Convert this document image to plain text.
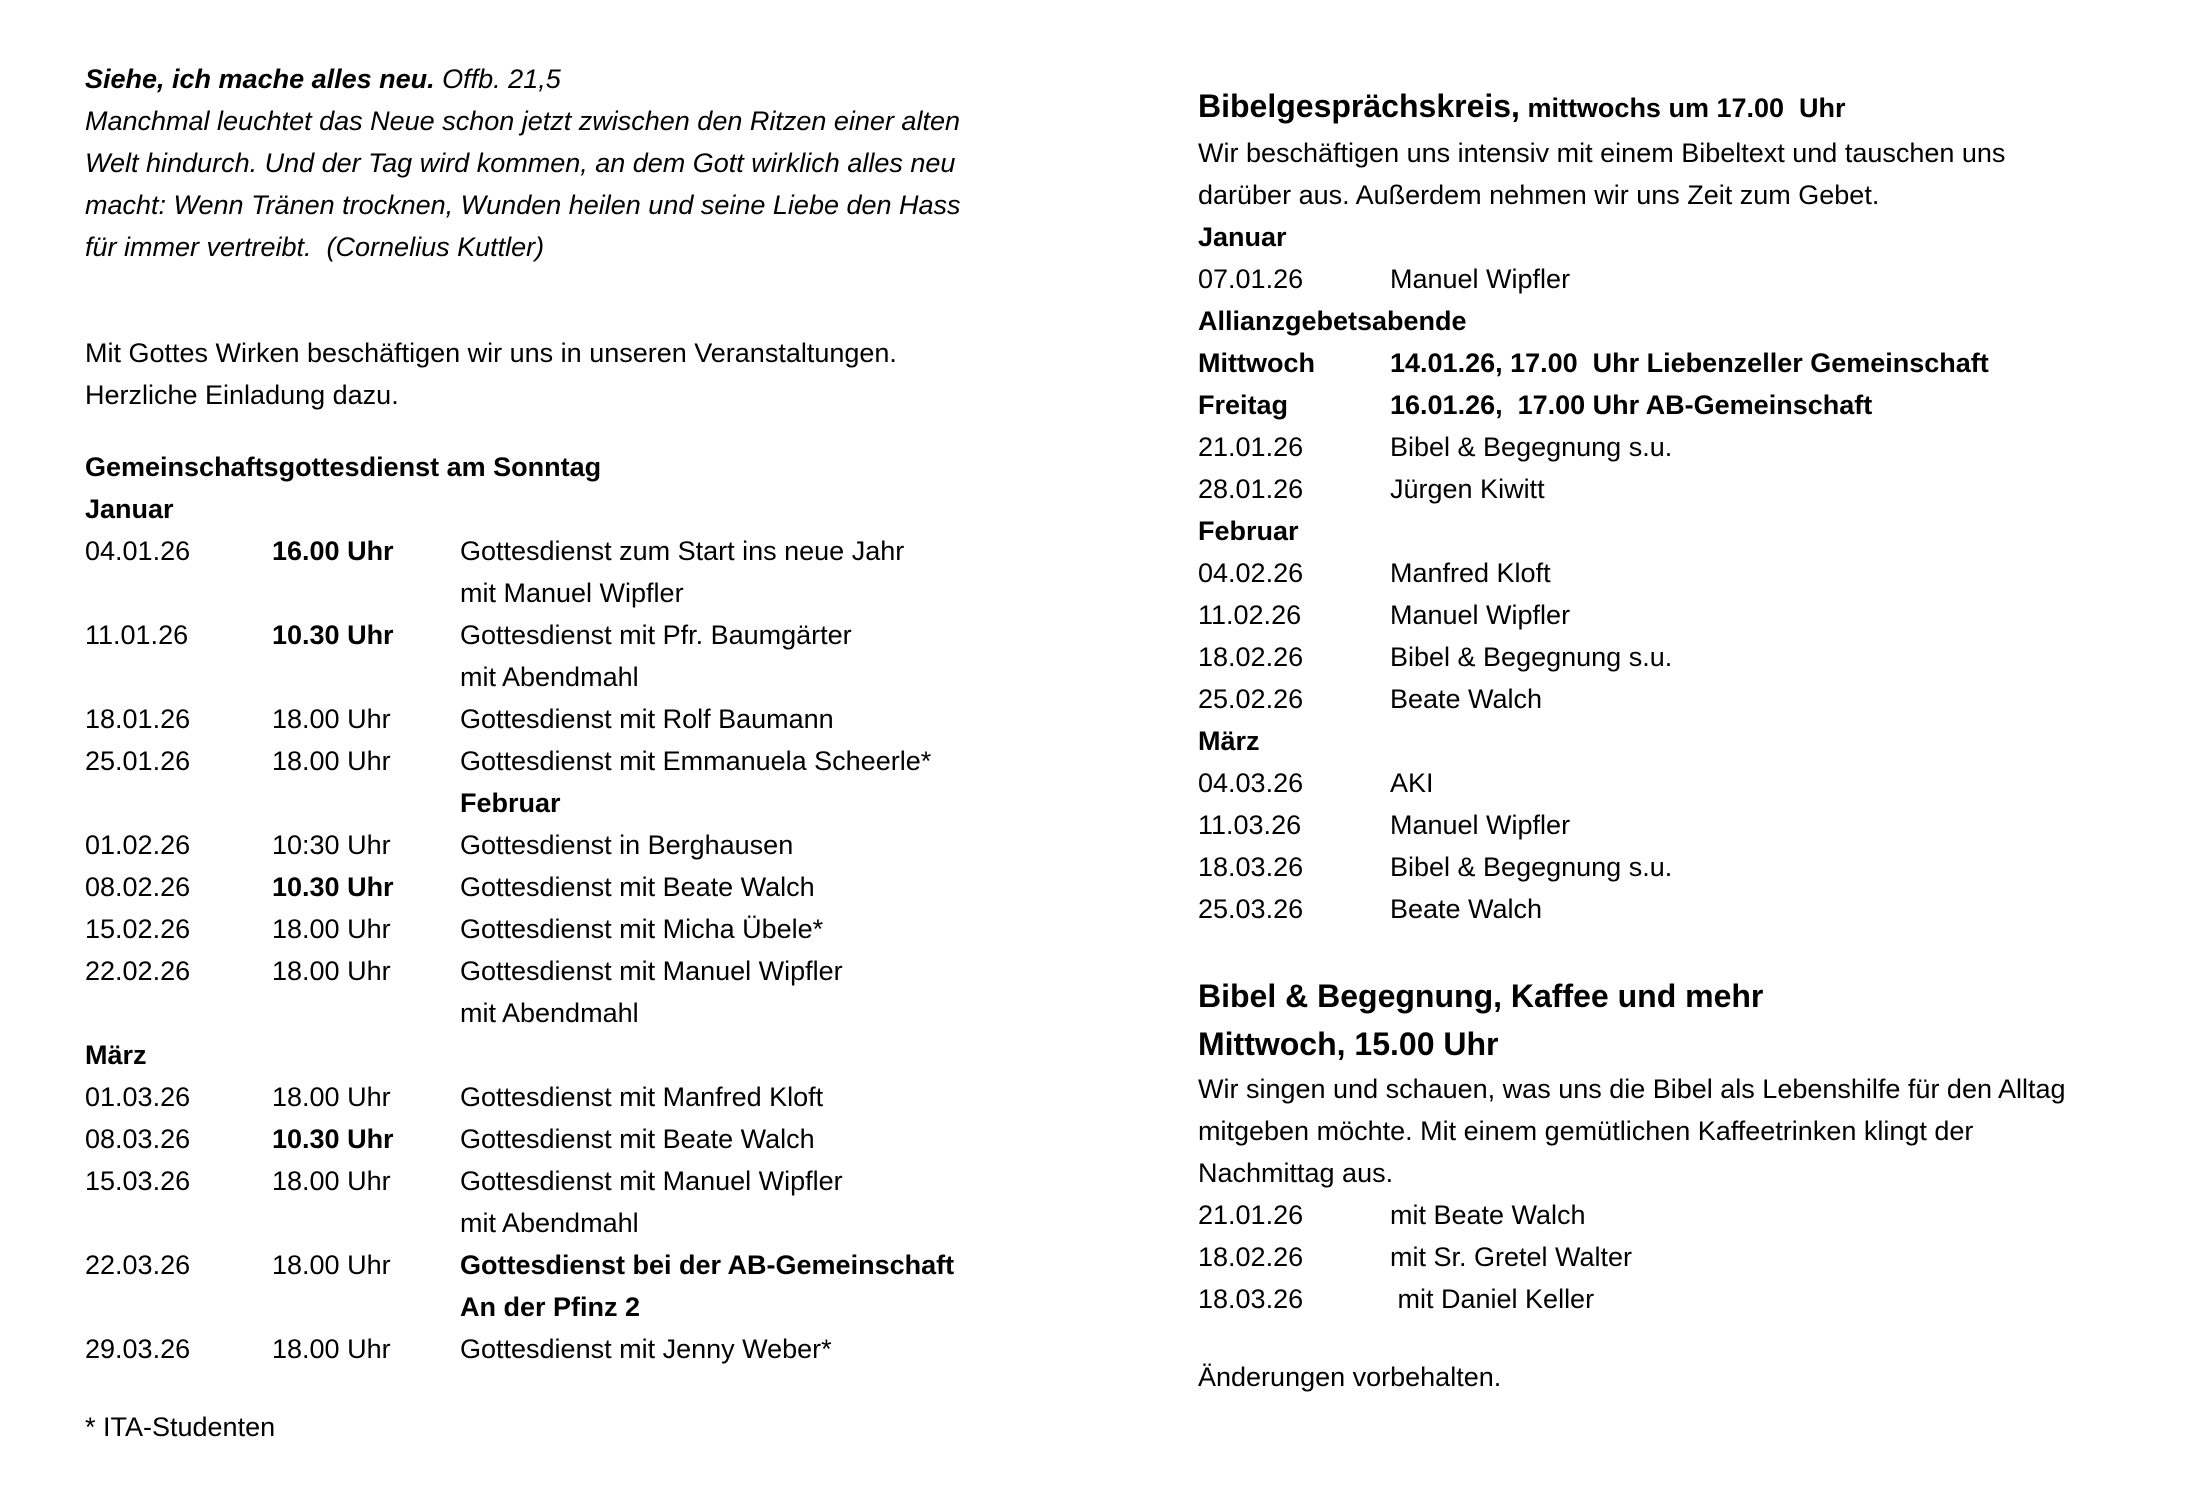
Siehe, ich mache alles neu. Offb. 21,5
Manchmal leuchtet das Neue schon jetzt zwischen den Ritzen einer alten
Welt hindurch. Und der Tag wird kommen, an dem Gott wirklich alles neu
macht: Wenn Tränen trocknen, Wunden heilen und seine Liebe den Hass
für immer vertreibt.  (Cornelius Kuttler)
Mit Gottes Wirken beschäftigen wir uns in unseren Veranstaltungen.
Herzliche Einladung dazu.
Gemeinschaftsgottesdienst am Sonntag
Januar
04.01.26	16.00 Uhr	Gottesdienst zum Start ins neue Jahr
mit Manuel Wipfler
11.01.26	10.30 Uhr	Gottesdienst mit Pfr. Baumgärter
mit Abendmahl
18.01.26	18.00 Uhr	Gottesdienst mit Rolf Baumann
25.01.26	18.00 Uhr	Gottesdienst mit Emmanuela Scheerle*
Februar
01.02.26	10:30 Uhr	Gottesdienst in Berghausen
08.02.26	10.30 Uhr	Gottesdienst mit Beate Walch
15.02.26	18.00 Uhr	Gottesdienst mit Micha Übele*
22.02.26	18.00 Uhr	Gottesdienst mit Manuel Wipfler
mit Abendmahl
März
01.03.26	18.00 Uhr	Gottesdienst mit Manfred Kloft
08.03.26	10.30 Uhr	Gottesdienst mit Beate Walch
15.03.26	18.00 Uhr	Gottesdienst mit Manuel Wipfler
mit Abendmahl
22.03.26	18.00 Uhr	Gottesdienst bei der AB-Gemeinschaft
An der Pfinz 2
29.03.26	18.00 Uhr	Gottesdienst mit Jenny Weber*
* ITA-Studenten
Bibelgesprächskreis, mittwochs um 17.00  Uhr
Wir beschäftigen uns intensiv mit einem Bibeltext und tauschen uns
darüber aus. Außerdem nehmen wir uns Zeit zum Gebet.
Januar
07.01.26	Manuel Wipfler
Allianzgebetsabende
Mittwoch	14.01.26, 17.00  Uhr Liebenzeller Gemeinschaft
Freitag	16.01.26,  17.00 Uhr AB-Gemeinschaft
21.01.26	Bibel & Begegnung s.u.
28.01.26	Jürgen Kiwitt
Februar
04.02.26	Manfred Kloft
11.02.26	Manuel Wipfler
18.02.26	Bibel & Begegnung s.u.
25.02.26	Beate Walch
März
04.03.26	AKI
11.03.26	Manuel Wipfler
18.03.26	Bibel & Begegnung s.u.
25.03.26	Beate Walch
Bibel & Begegnung, Kaffee und mehr
Mittwoch, 15.00 Uhr
Wir singen und schauen, was uns die Bibel als Lebenshilfe für den Alltag
mitgeben möchte. Mit einem gemütlichen Kaffeetrinken klingt der
Nachmittag aus.
21.01.26	mit Beate Walch
18.02.26	mit Sr. Gretel Walter
18.03.26	mit Daniel Keller
Änderungen vorbehalten.
